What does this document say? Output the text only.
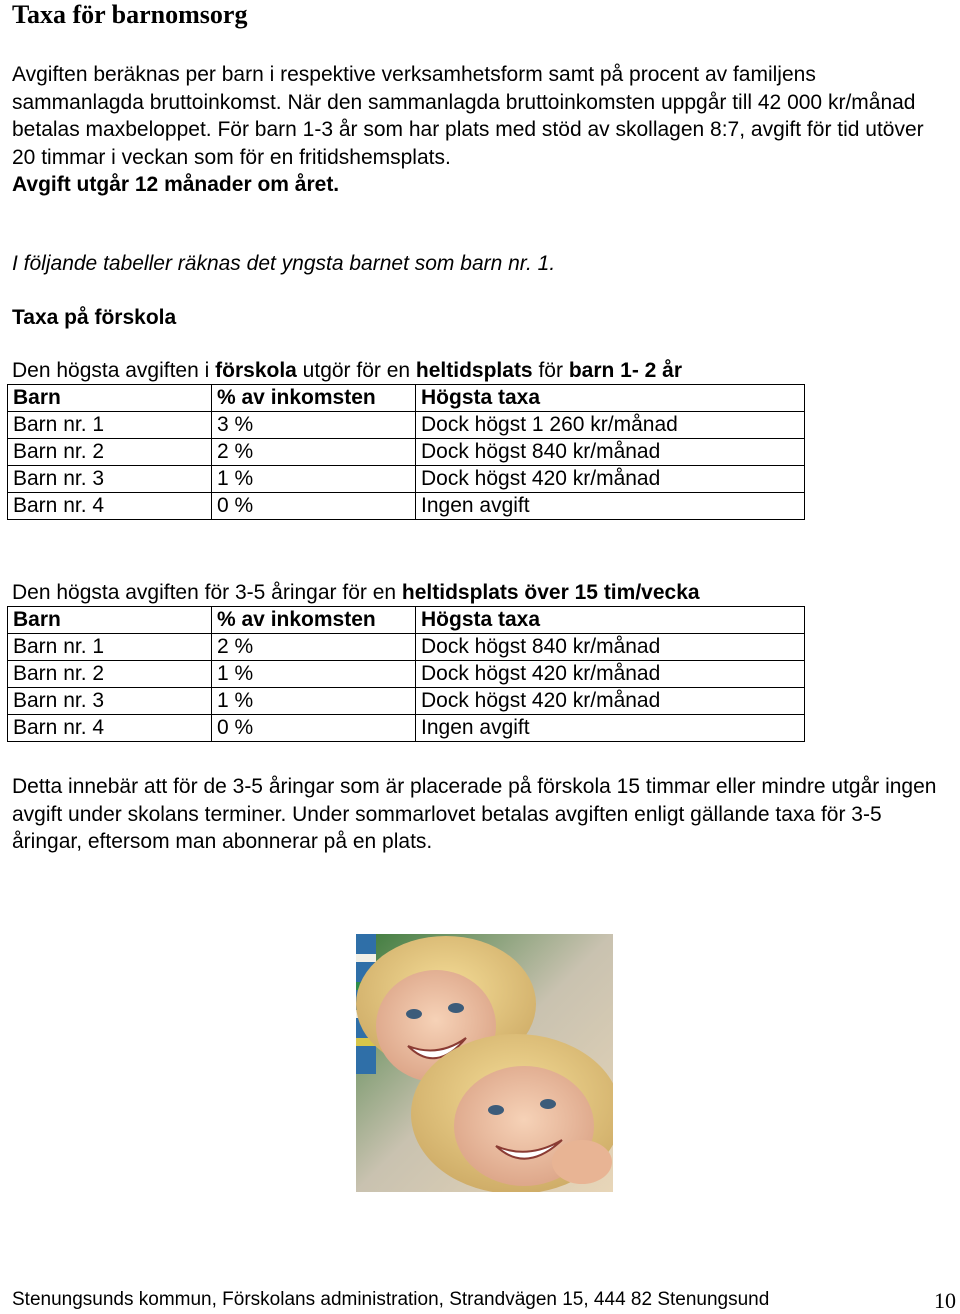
Taxa för barnomsorg
Avgiften beräknas per barn i respektive verksamhetsform samt på procent av familjens sammanlagda bruttoinkomst. När den sammanlagda bruttoinkomsten uppgår till 42 000 kr/månad betalas maxbeloppet. För barn 1-3 år som har plats med stöd av skollagen 8:7, avgift för tid utöver 20 timmar i veckan som för en fritidshemsplats.
Avgift utgår 12 månader om året.
I följande tabeller räknas det yngsta barnet som barn nr. 1.
Taxa på förskola
Den högsta avgiften i förskola utgör för en heltidsplats för barn 1- 2 år
Barn	% av inkomsten	Högsta taxa
Barn nr. 1	3 %	Dock högst 1 260 kr/månad
Barn nr. 2	2 %	Dock högst 840 kr/månad
Barn nr. 3	1 %	Dock högst 420 kr/månad
Barn nr. 4	0 %	Ingen avgift
Den högsta avgiften för 3-5 åringar för en heltidsplats över 15 tim/vecka
Barn	% av inkomsten	Högsta taxa
Barn nr. 1	2 %	Dock högst 840 kr/månad
Barn nr. 2	1 %	Dock högst 420 kr/månad
Barn nr. 3	1 %	Dock högst 420 kr/månad
Barn nr. 4	0 %	Ingen avgift
Detta innebär att för de 3-5 åringar som är placerade på förskola 15 timmar eller mindre utgår ingen avgift under skolans terminer. Under sommarlovet betalas avgiften enligt gällande taxa för 3-5 åringar, eftersom man abonnerar på en plats.
Stenungsunds kommun, Förskolans administration, Strandvägen 15, 444 82 Stenungsund	10
